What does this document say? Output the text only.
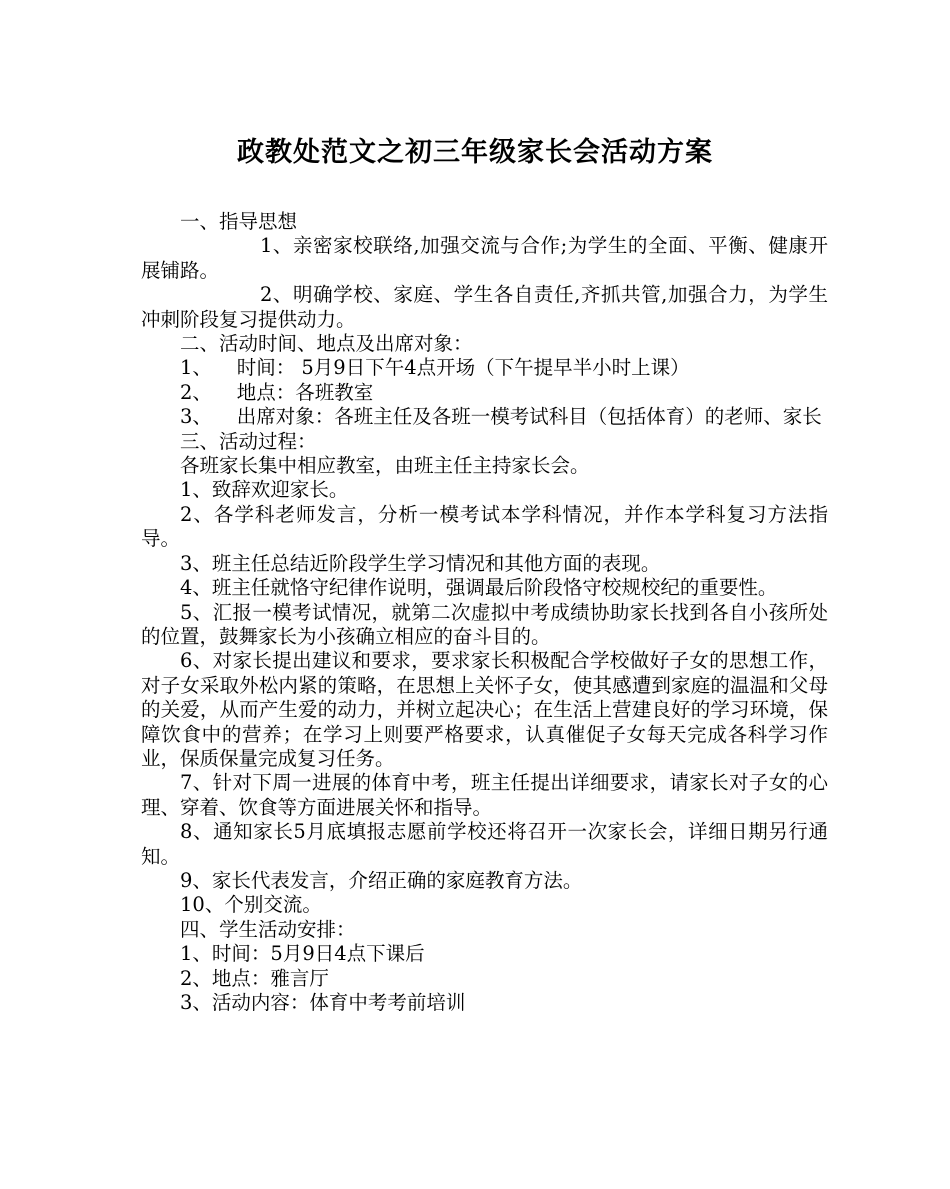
政教处范文之初三年级家长会活动方案

一、指导思想

1、亲密家校联络,加强交流与合作;为学生的全面、平衡、健康开展铺路。

2、明确学校、家庭、学生各自责任,齐抓共管,加强合力，为学生冲刺阶段复习提供动力。

二、活动时间、地点及出席对象：

1、    时间： 5月9日下午4点开场（下午提早半小时上课）

2、    地点：各班教室

3、    出席对象：各班主任及各班一模考试科目（包括体育）的老师、家长

三、活动过程：

各班家长集中相应教室，由班主任主持家长会。

1、致辞欢迎家长。

2、各学科老师发言，分析一模考试本学科情况，并作本学科复习方法指导。

3、班主任总结近阶段学生学习情况和其他方面的表现。

4、班主任就恪守纪律作说明，强调最后阶段恪守校规校纪的重要性。

5、汇报一模考试情况，就第二次虚拟中考成绩协助家长找到各自小孩所处的位置，鼓舞家长为小孩确立相应的奋斗目的。

6、对家长提出建议和要求，要求家长积极配合学校做好子女的思想工作，对子女采取外松内紧的策略，在思想上关怀子女，使其感遭到家庭的温温和父母的关爱，从而产生爱的动力，并树立起决心；在生活上营建良好的学习环境，保障饮食中的营养；在学习上则要严格要求，认真催促子女每天完成各科学习作业，保质保量完成复习任务。

7、针对下周一进展的体育中考，班主任提出详细要求，请家长对子女的心理、穿着、饮食等方面进展关怀和指导。

8、通知家长5月底填报志愿前学校还将召开一次家长会，详细日期另行通知。

9、家长代表发言，介绍正确的家庭教育方法。

10、个别交流。

四、学生活动安排：

1、时间：5月9日4点下课后

2、地点：雅言厅

3、活动内容：体育中考考前培训
